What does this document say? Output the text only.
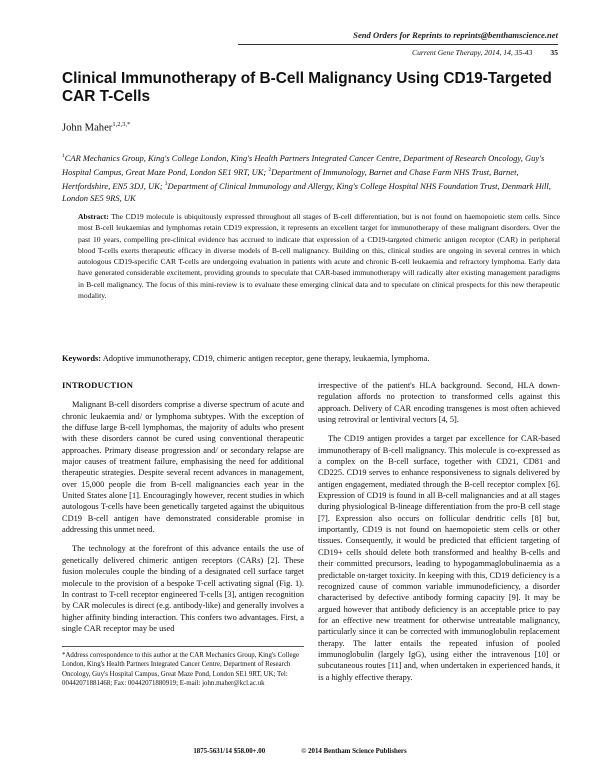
Send Orders for Reprints to reprints@benthamscience.net
Current Gene Therapy, 2014, 14, 35-43 35
Clinical Immunotherapy of B-Cell Malignancy Using CD19-Targeted CAR T-Cells
John Maher$^{1,2,3,*}$

$^1$CAR Mechanics Group, King's College London, King's Health Partners Integrated Cancer Centre, Department of Research Oncology, Guy's Hospital Campus, Great Maze Pond, London SE1 9RT, UK; $^2$Department of Immunology, Barnet and Chase Farm NHS Trust, Barnet, Hertfordshire, EN5 3DJ, UK; $^3$Department of Clinical Immunology and Allergy, King's College Hospital NHS Foundation Trust, Denmark Hill, London SE5 9RS, UK

Abstract: The CD19 molecule is ubiquitously expressed throughout all stages of B-cell differentiation, but is not found on haemopoietic stem cells. Since most B-cell leukaemias and lymphomas retain CD19 expression, it represents an excellent target for immunotherapy of these malignant disorders. Over the past 10 years, compelling pre-clinical evidence has accrued to indicate that expression of a CD19-targeted chimeric antigen receptor (CAR) in peripheral blood T-cells exerts therapeutic efficacy in diverse models of B-cell malignancy. Building on this, clinical studies are ongoing in several centres in which autologous CD19-specific CAR T-cells are undergoing evaluation in patients with acute and chronic B-cell leukaemia and refractory lymphoma. Early data have generated considerable excitement, providing grounds to speculate that CAR-based immunotherapy will radically alter existing management paradigms in B-cell malignancy. The focus of this mini-review is to evaluate these emerging clinical data and to speculate on clinical prospects for this new therapeutic modality.

Keywords: Adoptive immunotherapy, CD19, chimeric antigen receptor, gene therapy, leukaemia, lymphoma.

INTRODUCTION

Malignant B-cell disorders comprise a diverse spectrum of acute and chronic leukaemia and/ or lymphoma subtypes. With the exception of the diffuse large B-cell lymphomas, the majority of adults who present with these disorders cannot be cured using conventional therapeutic approaches. Primary disease progression and/ or secondary relapse are major causes of treatment failure, emphasising the need for additional therapeutic strategies. Despite several recent advances in management, over 15,000 people die from B-cell malignancies each year in the United States alone [1]. Encouragingly however, recent studies in which autologous T-cells have been genetically targeted against the ubiquitous CD19 B-cell antigen have demonstrated considerable promise in addressing this unmet need.

The technology at the forefront of this advance entails the use of genetically delivered chimeric antigen receptors (CARs) [2]. These fusion molecules couple the binding of a designated cell surface target molecule to the provision of a bespoke T-cell activating signal (Fig. 1). In contrast to T-cell receptor engineered T-cells [3], antigen recognition by CAR molecules is direct (e.g. antibody-like) and generally involves a higher affinity binding interaction. This confers two advantages. First, a single CAR receptor may be used

irrespective of the patient's HLA background. Second, HLA down-regulation affords no protection to transformed cells against this approach. Delivery of CAR encoding transgenes is most often achieved using retroviral or lentiviral vectors [4, 5].

The CD19 antigen provides a target par excellence for CAR-based immunotherapy of B-cell malignancy. This molecule is co-expressed as a complex on the B-cell surface, together with CD21, CD81 and CD225. CD19 serves to enhance responsiveness to signals delivered by antigen engagement, mediated through the B-cell receptor complex [6]. Expression of CD19 is found in all B-cell malignancies and at all stages during physiological B-lineage differentiation from the pro-B cell stage [7]. Expression also occurs on follicular dendritic cells [8] but, importantly, CD19 is not found on haemopoietic stem cells or other tissues. Consequently, it would be predicted that efficient targeting of CD19+ cells should delete both transformed and healthy B-cells and their committed precursors, leading to hypogammaglobulinaemia as a predictable on-target toxicity. In keeping with this, CD19 deficiency is a recognized cause of common variable immunodeficiency, a disorder characterised by defective antibody forming capacity [9]. It may be argued however that antibody deficiency is an acceptable price to pay for an effective new treatment for otherwise untreatable malignancy, particularly since it can be corrected with immunoglobulin replacement therapy. The latter entails the repeated infusion of pooled immunoglobulin (largely IgG), using either the intravenous [10] or subcutaneous routes [11] and, when undertaken in experienced hands, it is a highly effective therapy.

*Address correspondence to this author at the CAR Mechanics Group, King's College London, King's Health Partners Integrated Cancer Centre, Department of Research Oncology, Guy's Hospital Campus, Great Maze Pond, London SE1 9RT, UK; Tel: 00442071881468; Fax: 00442071880919; E-mail: john.maher@kcl.ac.uk
1875-5631/14 $58.00+.00	© 2014 Bentham Science Publishers
